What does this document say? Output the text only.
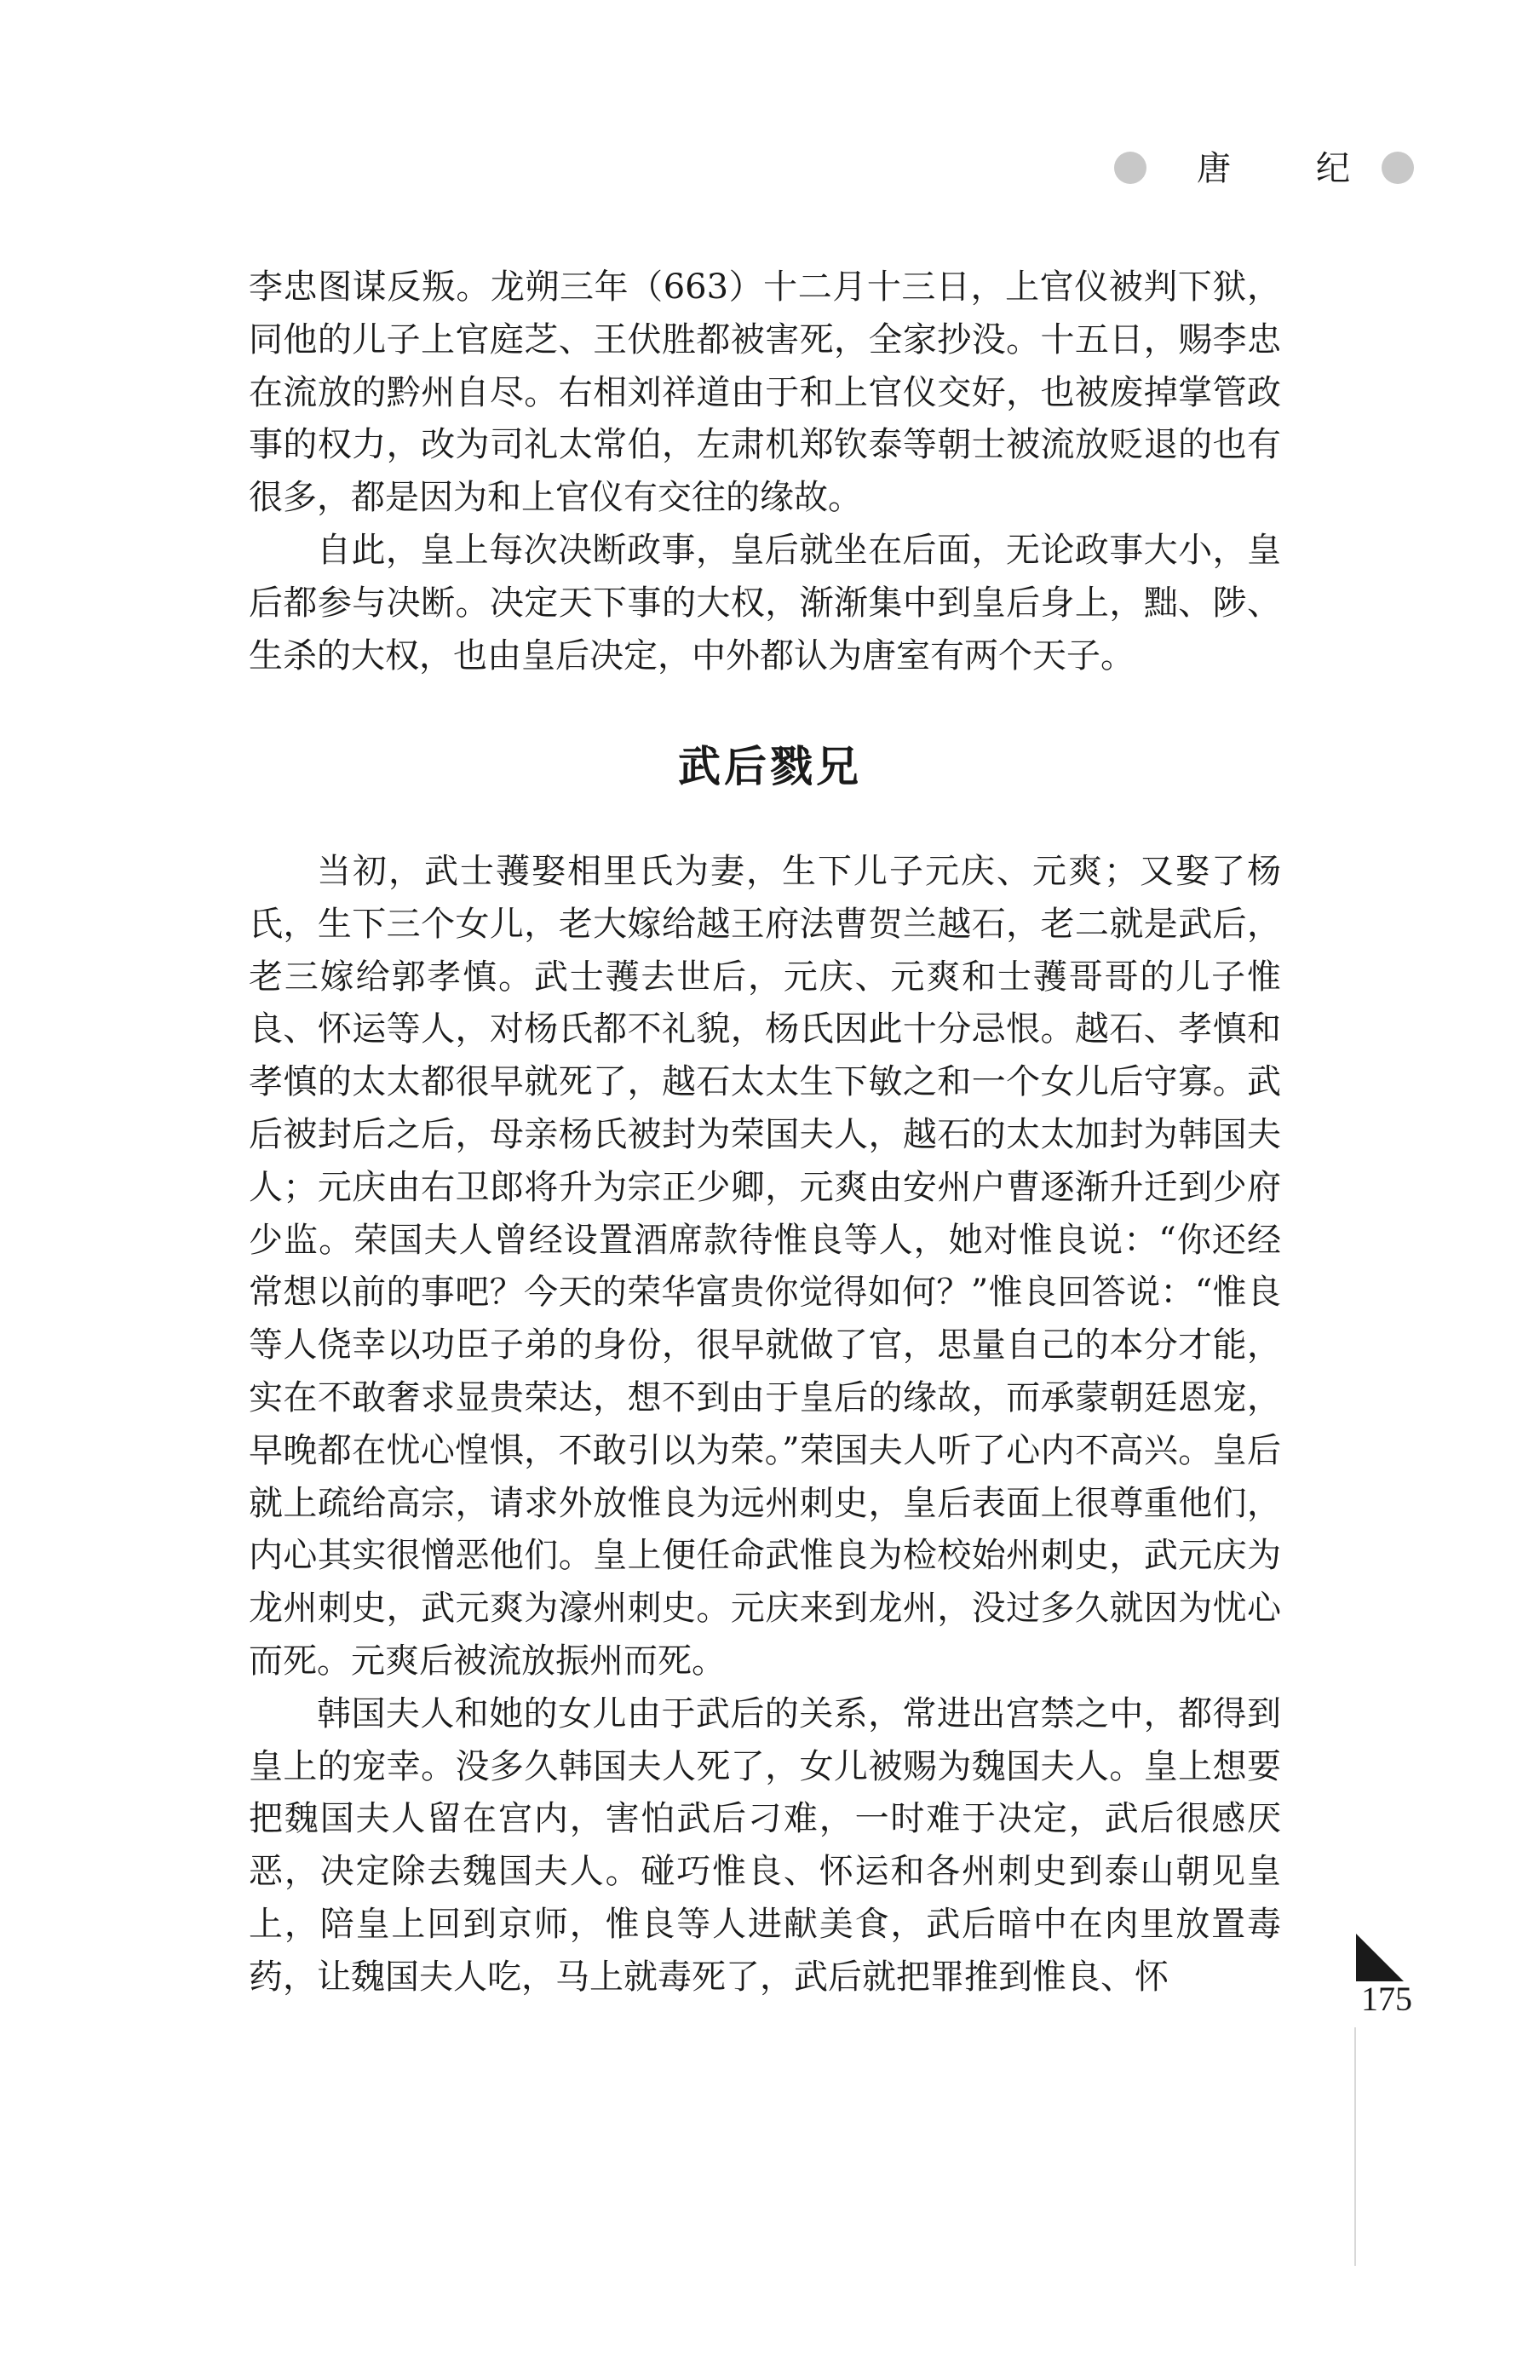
唐	纪

李忠图谋反叛。龙朔三年（663）十二月十三日，上官仪被判下狱，同他的儿子上官庭芝、王伏胜都被害死，全家抄没。十五日，赐李忠在流放的黔州自尽。右相刘祥道由于和上官仪交好，也被废掉掌管政事的权力，改为司礼太常伯，左肃机郑钦泰等朝士被流放贬退的也有很多，都是因为和上官仪有交往的缘故。

自此，皇上每次决断政事，皇后就坐在后面，无论政事大小，皇后都参与决断。决定天下事的大权，渐渐集中到皇后身上，黜、陟、生杀的大权，也由皇后决定，中外都认为唐室有两个天子。

武后戮兄

当初，武士彟娶相里氏为妻，生下儿子元庆、元爽；又娶了杨氏，生下三个女儿，老大嫁给越王府法曹贺兰越石，老二就是武后，老三嫁给郭孝慎。武士彟去世后，元庆、元爽和士彟哥哥的儿子惟良、怀运等人，对杨氏都不礼貌，杨氏因此十分忌恨。越石、孝慎和孝慎的太太都很早就死了，越石太太生下敏之和一个女儿后守寡。武后被封后之后，母亲杨氏被封为荣国夫人，越石的太太加封为韩国夫人；元庆由右卫郎将升为宗正少卿，元爽由安州户曹逐渐升迁到少府少监。荣国夫人曾经设置酒席款待惟良等人，她对惟良说：“你还经常想以前的事吧？今天的荣华富贵你觉得如何？”惟良回答说：“惟良等人侥幸以功臣子弟的身份，很早就做了官，思量自己的本分才能，实在不敢奢求显贵荣达，想不到由于皇后的缘故，而承蒙朝廷恩宠，早晚都在忧心惶惧，不敢引以为荣。”荣国夫人听了心内不高兴。皇后就上疏给高宗，请求外放惟良为远州刺史，皇后表面上很尊重他们，内心其实很憎恶他们。皇上便任命武惟良为检校始州刺史，武元庆为龙州刺史，武元爽为濠州刺史。元庆来到龙州，没过多久就因为忧心而死。元爽后被流放振州而死。

韩国夫人和她的女儿由于武后的关系，常进出宫禁之中，都得到皇上的宠幸。没多久韩国夫人死了，女儿被赐为魏国夫人。皇上想要把魏国夫人留在宫内，害怕武后刁难，一时难于决定，武后很感厌恶，决定除去魏国夫人。碰巧惟良、怀运和各州刺史到泰山朝见皇上，陪皇上回到京师，惟良等人进献美食，武后暗中在肉里放置毒药，让魏国夫人吃，马上就毒死了，武后就把罪推到惟良、怀

175
